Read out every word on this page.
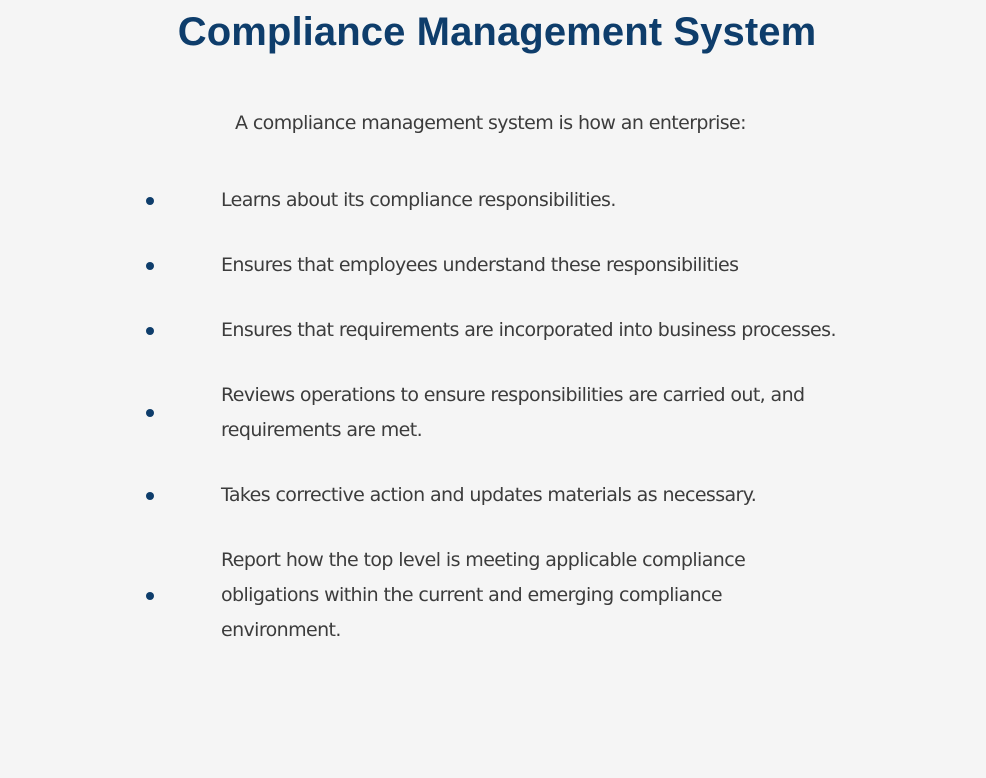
Compliance Management System

A compliance management system is how an enterprise:

Learns about its compliance responsibilities.
Ensures that employees understand these responsibilities
Ensures that requirements are incorporated into business processes.
Reviews operations to ensure responsibilities are carried out, and requirements are met.
Takes corrective action and updates materials as necessary.
Report how the top level is meeting applicable compliance obligations within the current and emerging compliance environment.
